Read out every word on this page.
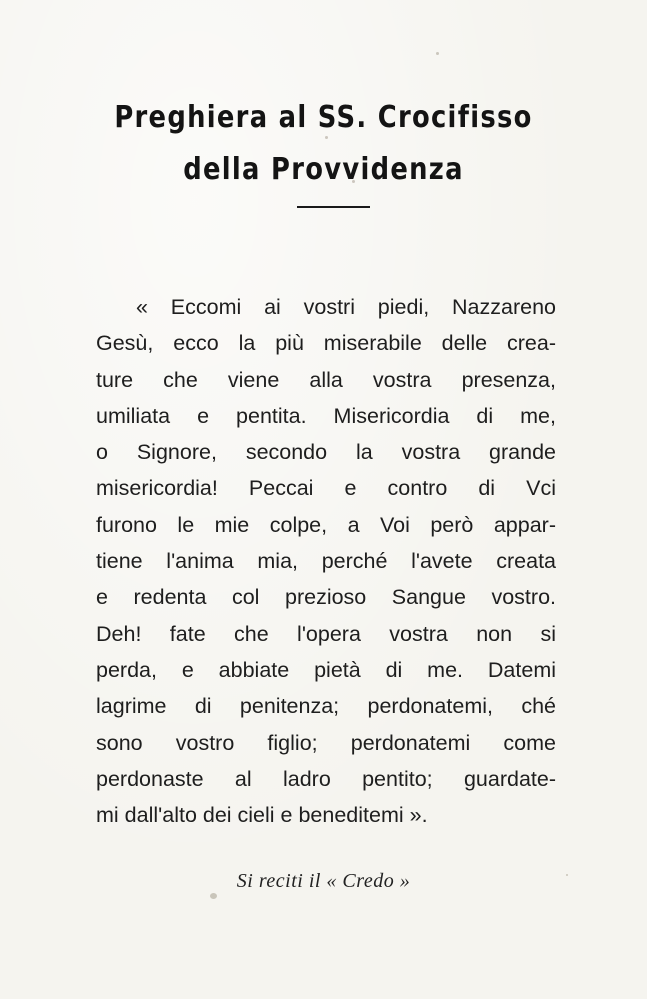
Preghiera al SS. Crocifisso
della Provvidenza
« Eccomi ai vostri piedi, Nazzareno
Gesù, ecco la più miserabile delle crea-
ture che viene alla vostra presenza,
umiliata e pentita. Misericordia di me,
o Signore, secondo la vostra grande
misericordia! Peccai e contro di Vci
furono le mie colpe, a Voi però appar-
tiene l'anima mia, perché l'avete creata
e redenta col prezioso Sangue vostro.
Deh! fate che l'opera vostra non si
perda, e abbiate pietà di me. Datemi
lagrime di penitenza; perdonatemi, ché
sono vostro figlio; perdonatemi come
perdonaste al ladro pentito; guardate-
mi dall'alto dei cieli e beneditemi ».
Si reciti il « Credo »
